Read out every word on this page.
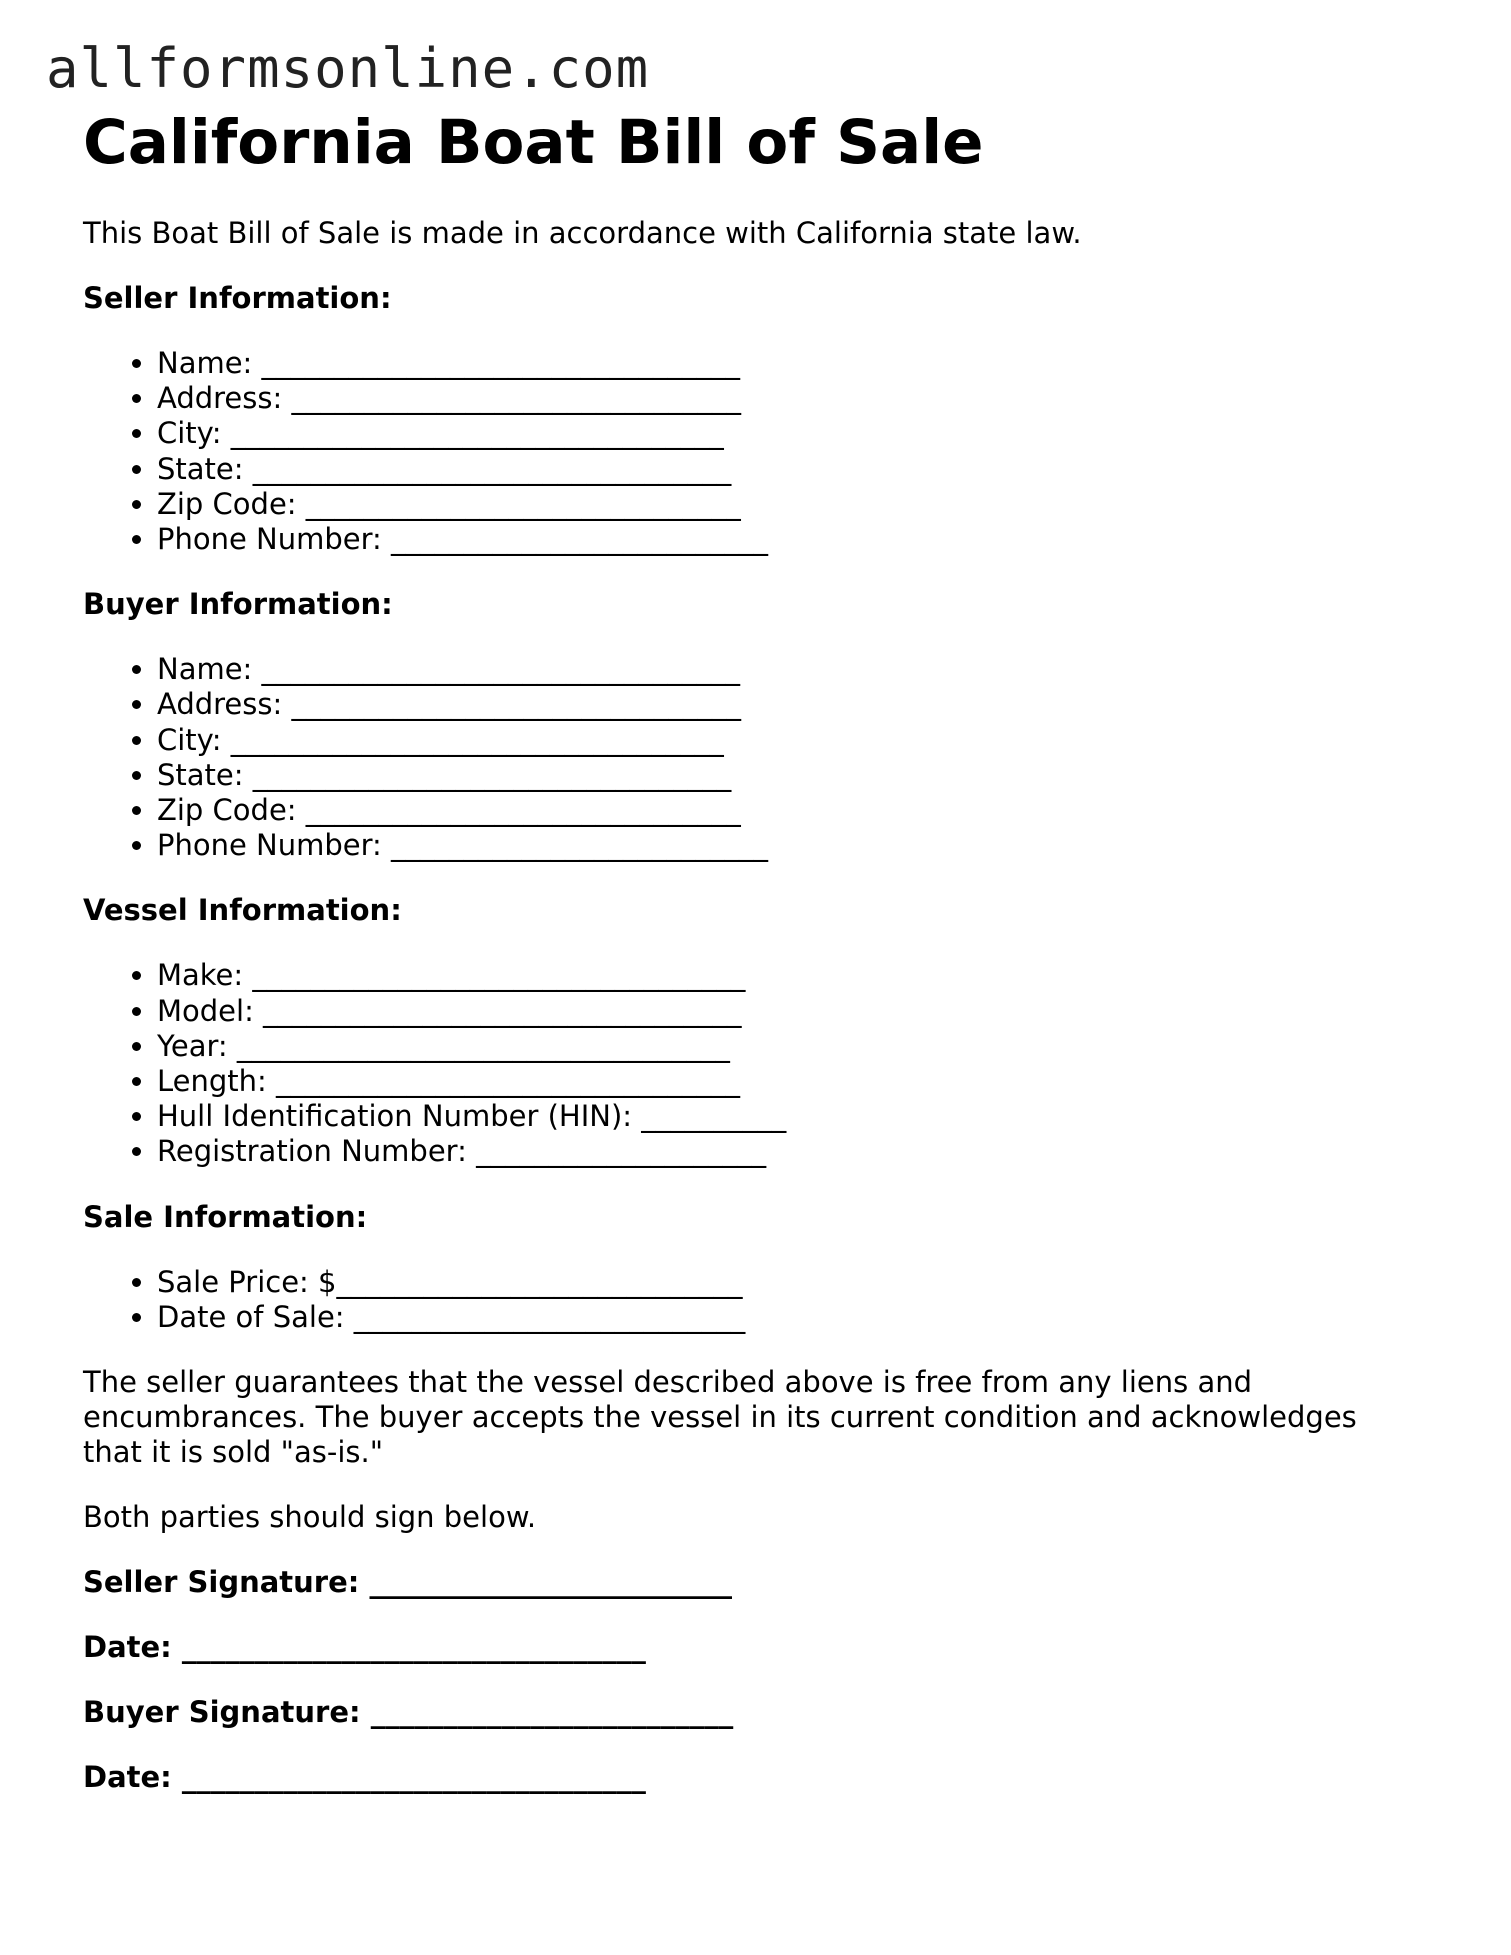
allformsonline.com
California Boat Bill of Sale

This Boat Bill of Sale is made in accordance with California state law.

Seller Information:

• Name: _________________________________
• Address: _______________________________
• City: __________________________________
• State: _________________________________
• Zip Code: ______________________________
• Phone Number: __________________________

Buyer Information:

• Name: _________________________________
• Address: _______________________________
• City: __________________________________
• State: _________________________________
• Zip Code: ______________________________
• Phone Number: __________________________

Vessel Information:

• Make: __________________________________
• Model: _________________________________
• Year: __________________________________
• Length: ________________________________
• Hull Identification Number (HIN): __________
• Registration Number: ____________________

Sale Information:

• Sale Price: $____________________________
• Date of Sale: ___________________________

The seller guarantees that the vessel described above is free from any liens and encumbrances. The buyer accepts the vessel in its current condition and acknowledges that it is sold "as-is."

Both parties should sign below.

Seller Signature: _________________________

Date: ________________________________

Buyer Signature: _________________________

Date: ________________________________
